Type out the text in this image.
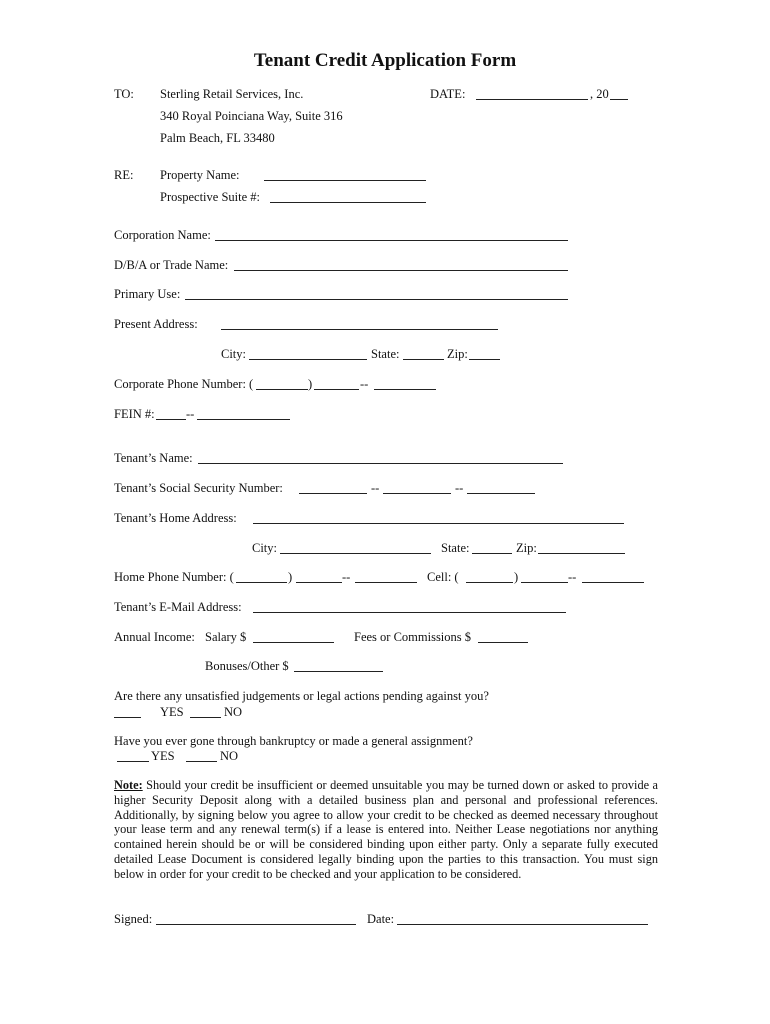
Tenant Credit Application Form
TO: Sterling Retail Services, Inc.
340 Royal Poinciana Way, Suite 316
Palm Beach, FL 33480
DATE:	, 20
RE: Property Name:
Prospective Suite #:
Corporation Name:
D/B/A or Trade Name:
Primary Use:
Present Address:
City:	State:	Zip:
Corporate Phone Number: (	)	--
FEIN #:	--
Tenant’s Name:
Tenant’s Social Security Number:	--	--
Tenant’s Home Address:
City:	State:	Zip:
Home Phone Number: (	)	--	Cell: (	)	--
Tenant’s E-Mail Address:
Annual Income: Salary $	Fees or Commissions $
Bonuses/Other $
Are there any unsatisfied judgements or legal actions pending against you?
YES	NO
Have you ever gone through bankruptcy or made a general assignment?
YES	NO
Note: Should your credit be insufficient or deemed unsuitable you may be turned down or asked to provide a higher Security Deposit along with a detailed business plan and personal and professional references. Additionally, by signing below you agree to allow your credit to be checked as deemed necessary throughout your lease term and any renewal term(s) if a lease is entered into. Neither Lease negotiations nor anything contained herein should be or will be considered binding upon either party. Only a separate fully executed detailed Lease Document is considered legally binding upon the parties to this transaction. You must sign below in order for your credit to be checked and your application to be considered.
Signed:	Date:
